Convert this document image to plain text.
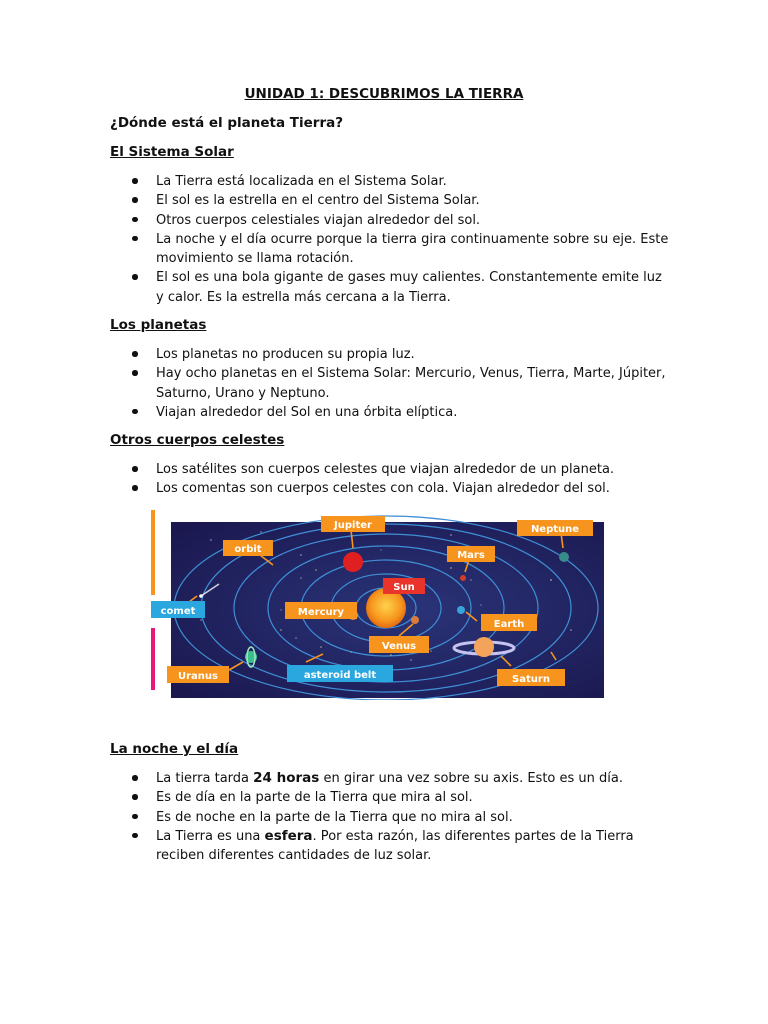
UNIDAD 1: DESCUBRIMOS LA TIERRA
¿Dónde está el planeta Tierra?
El Sistema Solar
La Tierra está localizada en el Sistema Solar.
El sol es la estrella en el centro del Sistema Solar.
Otros cuerpos celestiales viajan alrededor del sol.
La noche y el día ocurre porque la tierra gira continuamente sobre su eje. Este movimiento se llama rotación.
El sol es una bola gigante de gases muy calientes. Constantemente emite luz y calor. Es la estrella más cercana a la Tierra.
Los planetas
Los planetas no producen su propia luz.
Hay ocho planetas en el Sistema Solar: Mercurio, Venus, Tierra, Marte, Júpiter, Saturno, Urano y Neptuno.
Viajan alrededor del Sol en una órbita elíptica.
Otros cuerpos celestes
Los satélites son cuerpos celestes que viajan alrededor de un planeta.
Los comentas son cuerpos celestes con cola. Viajan alrededor del sol.
Jupiter	Neptune
orbit
Mars
Sun
comet	Mercury
Earth
Venus
Uranus	asteroid belt	Saturn
La noche y el día
La tierra tarda 24 horas en girar una vez sobre su axis. Esto es un día.
Es de día en la parte de la Tierra que mira al sol.
Es de noche en la parte de la Tierra que no mira al sol.
La Tierra es una esfera. Por esta razón, las diferentes partes de la Tierra reciben diferentes cantidades de luz solar.
